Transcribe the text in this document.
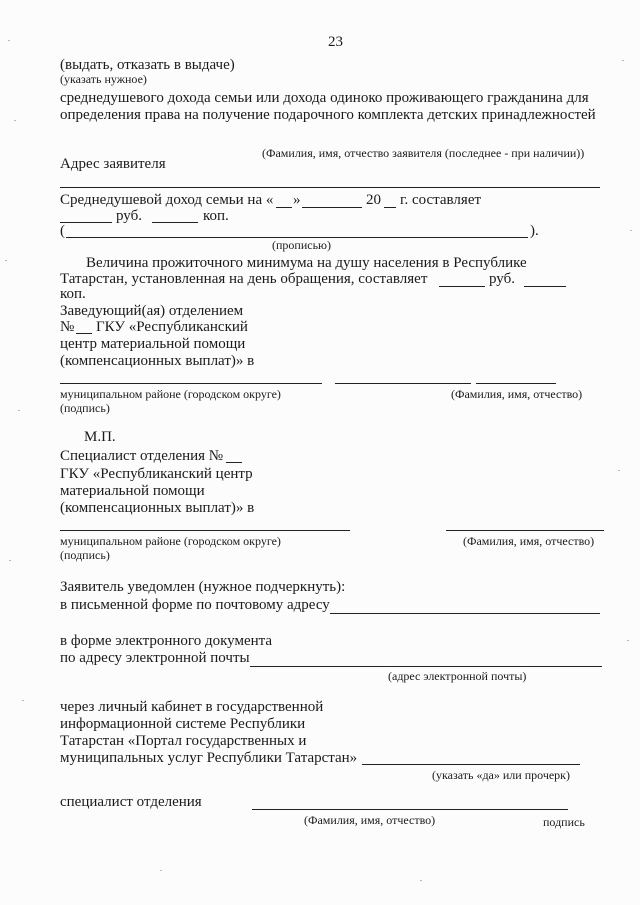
23
(выдать, отказать в выдаче)
(указать нужное)
среднедушевого дохода семьи или дохода одиноко проживающего гражданина для
определения права на получение подарочного комплекта детских принадлежностей
(Фамилия, имя, отчество заявителя (последнее - при наличии))
Адрес заявителя
Среднедушевой доход семьи на « »	20 г. составляет
руб.	коп.
(	).
(прописью)
Величина прожиточного минимума на душу населения в Республике
Татарстан, установленная на день обращения, составляет	руб.
коп.
Заведующий(ая) отделением
№ ГКУ «Республиканский
центр материальной помощи
(компенсационных выплат)» в
муниципальном районе (городском округе)	(Фамилия, имя, отчество)
(подпись)
М.П.
Специалист отделения №
ГКУ «Республиканский центр
материальной помощи
(компенсационных выплат)» в
муниципальном районе (городском округе)	(Фамилия, имя, отчество)
(подпись)
Заявитель уведомлен (нужное подчеркнуть):
в письменной форме по почтовому адресу
в форме электронного документа
по адресу электронной почты
(адрес электронной почты)
через личный кабинет в государственной
информационной системе Республики
Татарстан «Портал государственных и
муниципальных услуг Республики Татарстан»
(указать «да» или прочерк)
специалист отделения
(Фамилия, имя, отчество)	подпись
